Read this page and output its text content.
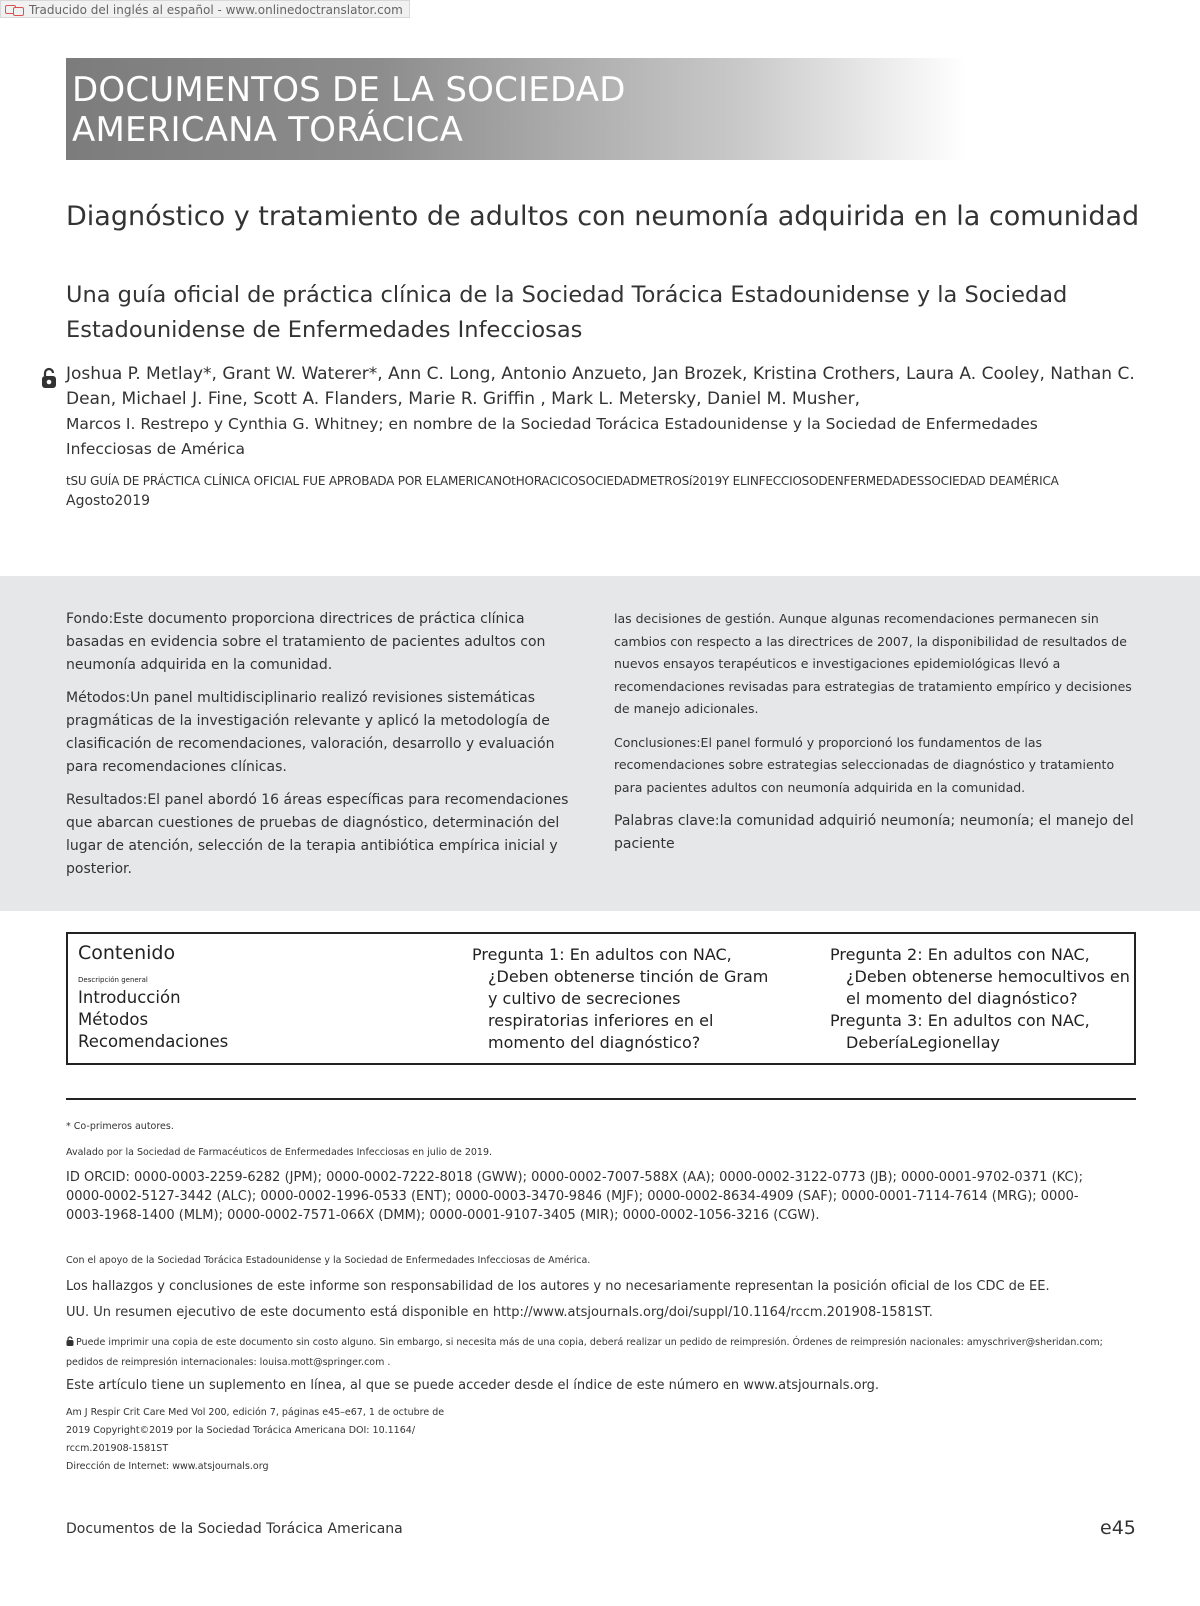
Traducido del inglés al español - www.onlinedoctranslator.com
DOCUMENTOS DE LA SOCIEDAD
AMERICANA TORÁCICA
Diagnóstico y tratamiento de adultos con neumonía adquirida en la comunidad
Una guía oficial de práctica clínica de la Sociedad Torácica Estadounidense y la Sociedad Estadounidense de Enfermedades Infecciosas
Joshua P. Metlay*, Grant W. Waterer*, Ann C. Long, Antonio Anzueto, Jan Brozek, Kristina Crothers, Laura A. Cooley, Nathan C. Dean, Michael J. Fine, Scott A. Flanders, Marie R. Griffin , Mark L. Metersky, Daniel M. Musher,
Marcos I. Restrepo y Cynthia G. Whitney; en nombre de la Sociedad Torácica Estadounidense y la Sociedad de Enfermedades Infecciosas de América
tSU GUÍA DE PRÁCTICA CLÍNICA OFICIAL FUE APROBADA POR ELAMERICANOtHORACICOSOCIEDADMETROSí2019Y ELINFECCIOSODENFERMEDADESSOCIEDAD DEAMÉRICA
Agosto2019

Fondo:Este documento proporciona directrices de práctica clínica basadas en evidencia sobre el tratamiento de pacientes adultos con neumonía adquirida en la comunidad.

Métodos:Un panel multidisciplinario realizó revisiones sistemáticas pragmáticas de la investigación relevante y aplicó la metodología de clasificación de recomendaciones, valoración, desarrollo y evaluación para recomendaciones clínicas.

Resultados:El panel abordó 16 áreas específicas para recomendaciones que abarcan cuestiones de pruebas de diagnóstico, determinación del lugar de atención, selección de la terapia antibiótica empírica inicial y posterior.

las decisiones de gestión. Aunque algunas recomendaciones permanecen sin cambios con respecto a las directrices de 2007, la disponibilidad de resultados de nuevos ensayos terapéuticos e investigaciones epidemiológicas llevó a recomendaciones revisadas para estrategias de tratamiento empírico y decisiones de manejo adicionales.

Conclusiones:El panel formuló y proporcionó los fundamentos de las recomendaciones sobre estrategias seleccionadas de diagnóstico y tratamiento para pacientes adultos con neumonía adquirida en la comunidad.

Palabras clave:la comunidad adquirió neumonía; neumonía; el manejo del paciente

Contenido
Descripción general
Introducción
Métodos
Recomendaciones
Pregunta 1: En adultos con NAC,
¿Deben obtenerse tinción de Gram y cultivo de secreciones respiratorias inferiores en el momento del diagnóstico?
Pregunta 2: En adultos con NAC,
¿Deben obtenerse hemocultivos en el momento del diagnóstico?
Pregunta 3: En adultos con NAC,
DeberíaLegionellay
* Co-primeros autores.
Avalado por la Sociedad de Farmacéuticos de Enfermedades Infecciosas en julio de 2019.
ID ORCID: 0000-0003-2259-6282 (JPM); 0000-0002-7222-8018 (GWW); 0000-0002-7007-588X (AA); 0000-0002-3122-0773 (JB); 0000-0001-9702-0371 (KC); 0000-0002-5127-3442 (ALC); 0000-0002-1996-0533 (ENT); 0000-0003-3470-9846 (MJF); 0000-0002-8634-4909 (SAF); 0000-0001-7114-7614 (MRG); 0000-0003-1968-1400 (MLM); 0000-0002-7571-066X (DMM); 0000-0001-9107-3405 (MIR); 0000-0002-1056-3216 (CGW).
Con el apoyo de la Sociedad Torácica Estadounidense y la Sociedad de Enfermedades Infecciosas de América.
Los hallazgos y conclusiones de este informe son responsabilidad de los autores y no necesariamente representan la posición oficial de los CDC de EE.
UU. Un resumen ejecutivo de este documento está disponible en http://www.atsjournals.org/doi/suppl/10.1164/rccm.201908-1581ST.
Puede imprimir una copia de este documento sin costo alguno. Sin embargo, si necesita más de una copia, deberá realizar un pedido de reimpresión. Órdenes de reimpresión nacionales: amyschriver@sheridan.com; pedidos de reimpresión internacionales: louisa.mott@springer.com .
Este artículo tiene un suplemento en línea, al que se puede acceder desde el índice de este número en www.atsjournals.org.
Am J Respir Crit Care Med Vol 200, edición 7, páginas e45–e67, 1 de octubre de
2019 Copyright©2019 por la Sociedad Torácica Americana DOI: 10.1164/
rccm.201908-1581ST
Dirección de Internet: www.atsjournals.org
Documentos de la Sociedad Torácica Americana	e45
